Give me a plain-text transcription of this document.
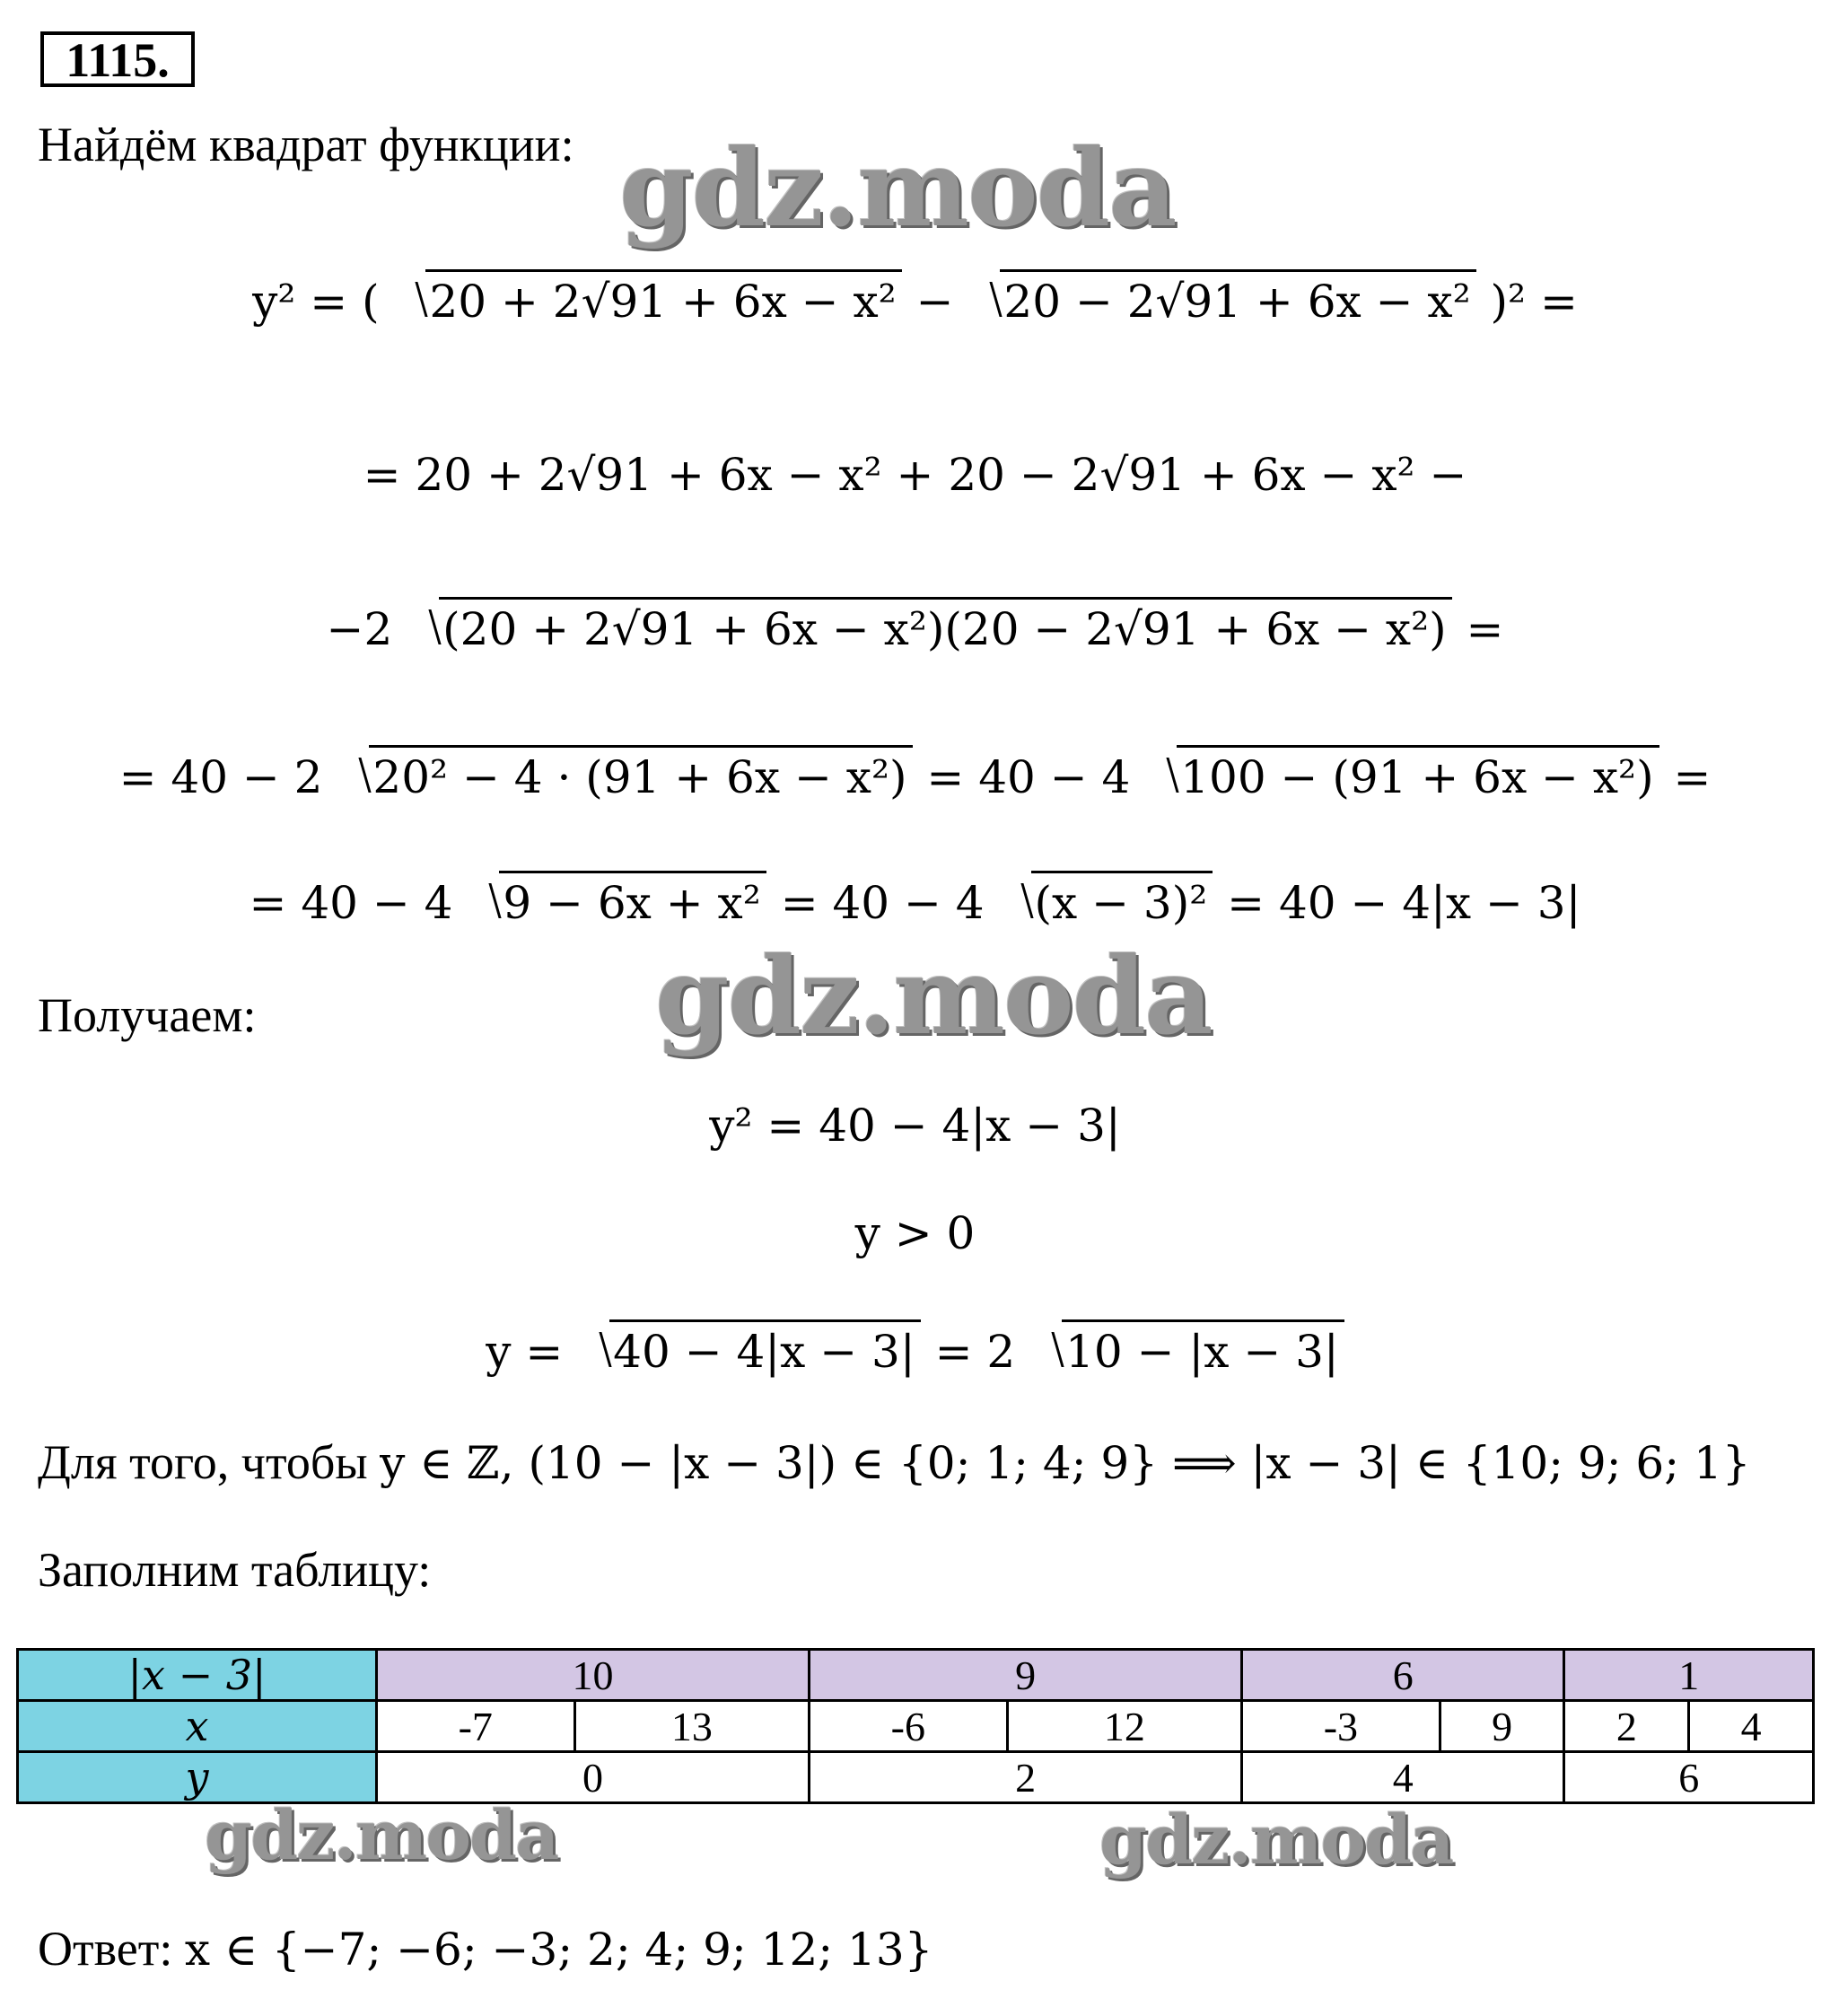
1115.
Найдём квадрат функции:
y² = ( 20 + 2√91 + 6x − x² − 20 − 2√91 + 6x − x² )² =
= 20 + 2√91 + 6x − x² + 20 − 2√91 + 6x − x² −
−2 (20 + 2√91 + 6x − x²)(20 − 2√91 + 6x − x²) =
= 40 − 2 20² − 4 · (91 + 6x − x²) = 40 − 4 100 − (91 + 6x − x²) =
= 40 − 4 9 − 6x + x² = 40 − 4 (x − 3)² = 40 − 4|x − 3|
Получаем:
y² = 40 − 4|x − 3|
y > 0
y = 40 − 4|x − 3| = 2 10 − |x − 3|
Для того, чтобы y ∈ ℤ, (10 − |x − 3|) ∈ {0; 1; 4; 9} ⟹ |x − 3| ∈ {10; 9; 6; 1}
Заполним таблицу:
|x − 3|	10		9		6		1	
x	-7	13	-6	12	-3	9	2	4
y	0		2		4		6	
Ответ: x ∈ {−7; −6; −3; 2; 4; 9; 12; 13}
gdz.moda
gdz.moda
gdz.moda	gdz.moda
